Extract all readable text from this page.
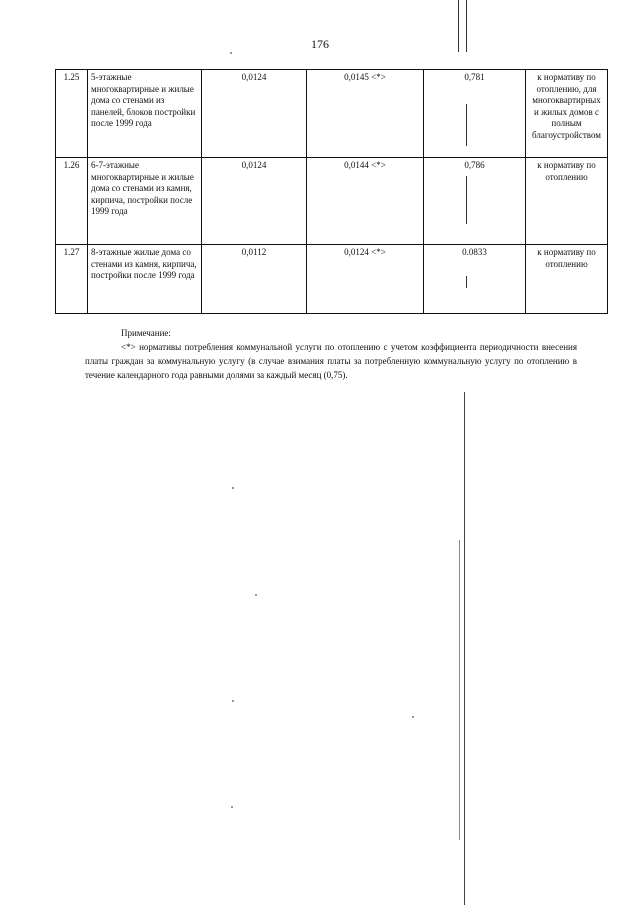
176
1.25	5-этажные многоквартирные и жилые дома со стенами из панелей, блоков постройки после 1999 года	0,0124	0,0145 <*>	0,781	к нормативу по отоплению, для многоквартирных и жилых домов с полным благоустройством
1.26	6-7-этажные многоквартирные и жилые дома со стенами из камня, кирпича, постройки после 1999 года	0,0124	0,0144 <*>	0,786	к нормативу по отоплению
1.27	8-этажные жилые дома со стенами из камня, кирпича, постройки после 1999 года	0,0112	0,0124 <*>	0.0833	к нормативу по отоплению
Примечание:
<*> нормативы потребления коммунальной услуги по отоплению с учетом коэффициента периодичности внесения платы граждан за коммунальную услугу (в случае взимания платы за потребленную коммунальную услугу по отоплению в течение календарного года равными долями за каждый месяц (0,75).
